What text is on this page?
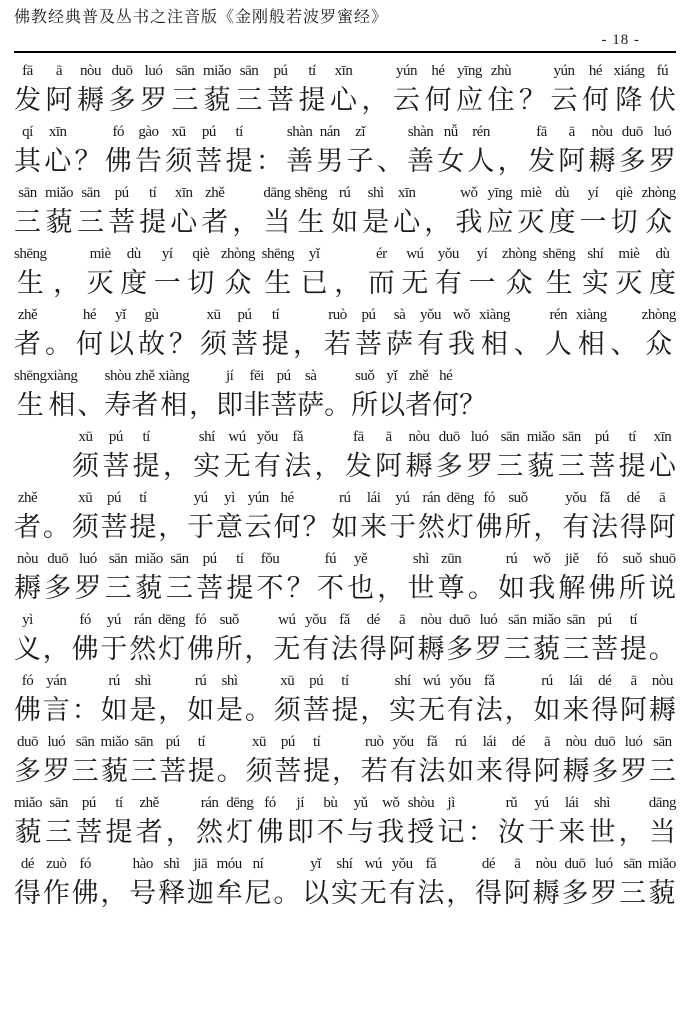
佛教经典普及丛书之注音版《金刚般若波罗蜜经》
- 18 -
fā
发
ā
阿
nòu
耨
duō
多
luó
罗
sān
三
miǎo
藐
sān
三
pú
菩
tí
提
xīn
心 ，
yún
云
hé
何
yīng
应
zhù
住 ？
yún
云
hé
何
xiáng
降
fú
伏
qí
其
xīn
心 ？
fó
佛
gào
告
xū
须
pú
菩
tí
提 ：
shàn
善
nán
男
zǐ
子 、
shàn
善
nǚ
女
rén
人 ，
fā
发
ā
阿
nòu
耨
duō
多
luó
罗
sān
三
miǎo
藐
sān
三
pú
菩
tí
提
xīn
心
zhě
者 ，
dāng
当
shēng
生
rú
如
shì
是
xīn
心 ，
wǒ
我
yīng
应
miè
灭
dù
度
yí
一
qiè
切
zhòng
众
shēng
生 ，
miè
灭
dù
度
yí
一
qiè
切
zhòng
众
shēng
生
yǐ
已 ，
ér
而
wú
无
yǒu
有
yí
一
zhòng
众
shēng
生
shí
实
miè
灭
dù
度
zhě
者 。
hé
何
yǐ
以
gù
故 ？
xū
须
pú
菩
tí
提 ，
ruò
若
pú
菩
sà
萨
yǒu
有
wǒ
我
xiàng
相 、
rén
人
xiàng
相 、
zhòng
众
shēng
生
xiàng
相 、
shòu
寿
zhě
者
xiàng
相 ，
jí
即
fēi
非
pú
菩
sà
萨 。
suǒ
所
yǐ
以
zhě
者
hé
何 ？
xū
须
pú
菩
tí
提 ，
shí
实
wú
无
yǒu
有
fǎ
法 ，
fā
发
ā
阿
nòu
耨
duō
多
luó
罗
sān
三
miǎo
藐
sān
三
pú
菩
tí
提
xīn
心
zhě
者 。
xū
须
pú
菩
tí
提 ，
yú
于
yì
意
yún
云
hé
何 ？
rú
如
lái
来
yú
于
rán
然
dēng
灯
fó
佛
suǒ
所 ，
yǒu
有
fǎ
法
dé
得
ā
阿
nòu
耨
duō
多
luó
罗
sān
三
miǎo
藐
sān
三
pú
菩
tí
提
fǒu
不 ？
fú
不
yě
也 ，
shì
世
zūn
尊 。
rú
如
wǒ
我
jiě
解
fó
佛
suǒ
所
shuō
说
yì
义 ，
fó
佛
yú
于
rán
然
dēng
灯
fó
佛
suǒ
所 ，
wú
无
yǒu
有
fǎ
法
dé
得
ā
阿
nòu
耨
duō
多
luó
罗
sān
三
miǎo
藐
sān
三
pú
菩
tí
提 。
fó
佛
yán
言 ：
rú
如
shì
是 ，
rú
如
shì
是 。
xū
须
pú
菩
tí
提 ，
shí
实
wú
无
yǒu
有
fǎ
法 ，
rú
如
lái
来
dé
得
ā
阿
nòu
耨
duō
多
luó
罗
sān
三
miǎo
藐
sān
三
pú
菩
tí
提 。
xū
须
pú
菩
tí
提 ，
ruò
若
yǒu
有
fǎ
法
rú
如
lái
来
dé
得
ā
阿
nòu
耨
duō
多
luó
罗
sān
三
miǎo
藐
sān
三
pú
菩
tí
提
zhě
者 ，
rán
然
dēng
灯
fó
佛
jí
即
bù
不
yǔ
与
wǒ
我
shòu
授
jì
记 ：
rǔ
汝
yú
于
lái
来
shì
世 ，
dāng
当
dé
得
zuò
作
fó
佛 ，
hào
号
shì
释
jiā
迦
móu
牟
ní
尼 。
yǐ
以
shí
实
wú
无
yǒu
有
fǎ
法 ，
dé
得
ā
阿
nòu
耨
duō
多
luó
罗
sān
三
miǎo
藐
